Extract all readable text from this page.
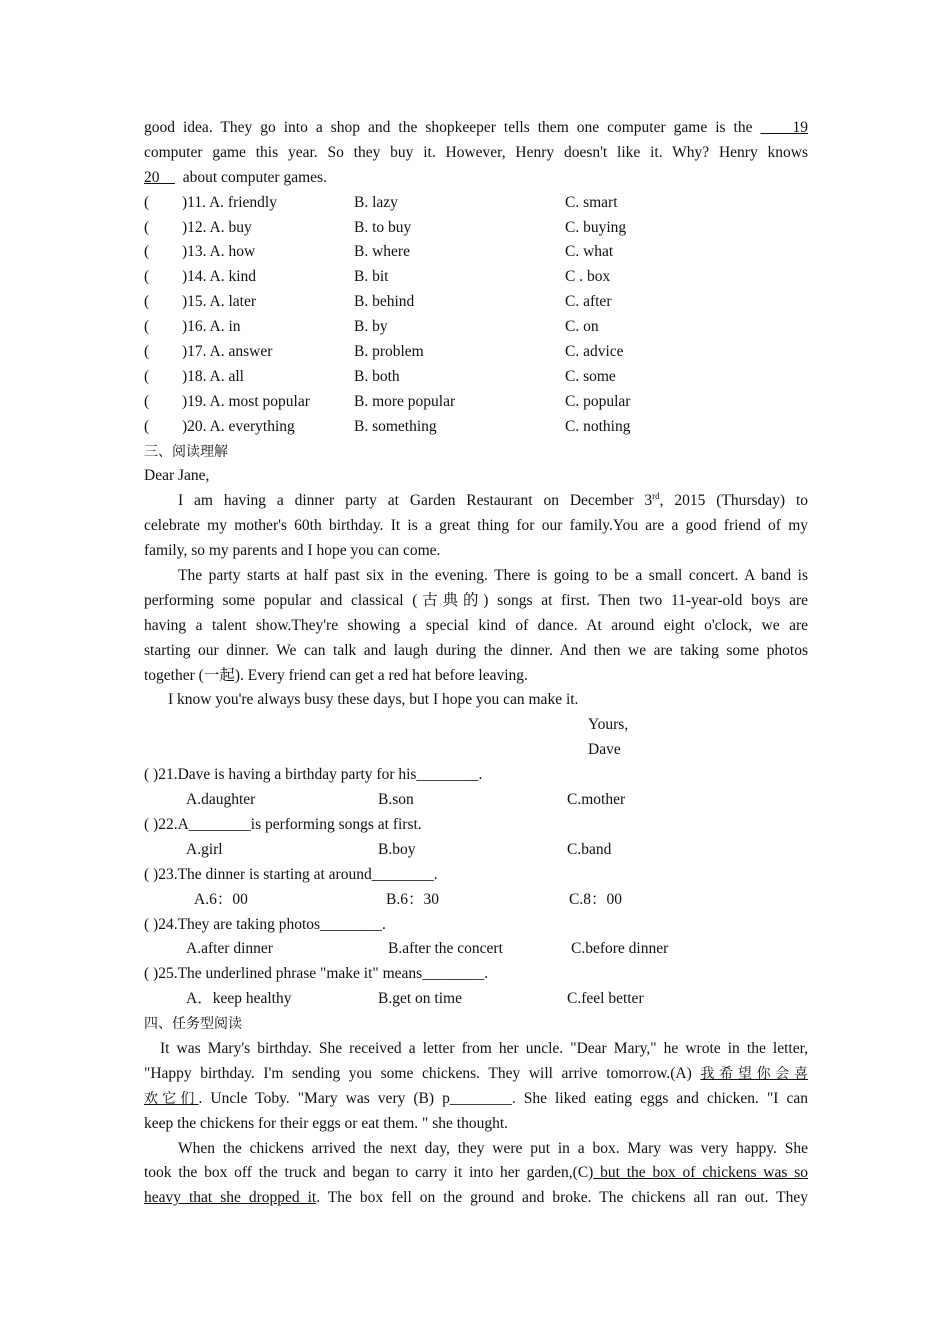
good idea. They go into a shop and the shopkeeper tells them one computer game is the	19
computer game this year. So they buy it. However, Henry doesn't like it. Why? Henry knows
20 about computer games.
( )11. A. friendly	B. lazy	C. smart
( )12. A. buy	B. to buy	C. buying
( )13. A. how	B. where	C. what
( )14. A. kind	B. bit	C . box
( )15. A. later	B. behind	C. after
( )16. A. in	B. by	C. on
( )17. A. answer	B. problem	C. advice
( )18. A. all	B. both	C. some
( )19. A. most popular	B. more popular	C. popular
( )20. A. everything	B. something	C. nothing
三、阅读理解
Dear Jane,
I am having a dinner party at Garden Restaurant on December 3rd, 2015 (Thursday) to
celebrate my mother's 60th birthday. It is a great thing for our family.You are a good friend of my
family, so my parents and I hope you can come.
The party starts at half past six in the evening. There is going to be a small concert. A band is
performing some popular and classical (古典的) songs at first. Then two 11-year-old boys are
having a talent show.They're showing a special kind of dance. At around eight o'clock, we are
starting our dinner. We can talk and laugh during the dinner. And then we are taking some photos
together (一起). Every friend can get a red hat before leaving.
I know you're always busy these days, but I hope you can make it.
Yours,
Dave
( )21.Dave is having a birthday party for his________.
A.daughter	B.son	C.mother
( )22.A________is performing songs at first.
A.girl	B.boy	C.band
( )23.The dinner is starting at around________.
A.6：00	B.6：30	C.8：00
( )24.They are taking photos________.
A.after dinner	B.after the concert	C.before dinner
( )25.The underlined phrase "make it" means________.
A．keep healthy	B.get on time	C.feel better
四、任务型阅读
It was Mary's birthday. She received a letter from her uncle. "Dear Mary," he wrote in the letter,
"Happy birthday. I'm sending you some chickens. They will arrive tomorrow.(A) 我希望你会喜
欢它们. Uncle Toby. "Mary was very (B) p________. She liked eating eggs and chicken. "I can
keep the chickens for their eggs or eat them. " she thought.
When the chickens arrived the next day, they were put in a box. Mary was very happy. She
took the box off the truck and began to carry it into her garden,(C) but the box of chickens was so
heavy that she dropped it. The box fell on the ground and broke. The chickens all ran out. They
